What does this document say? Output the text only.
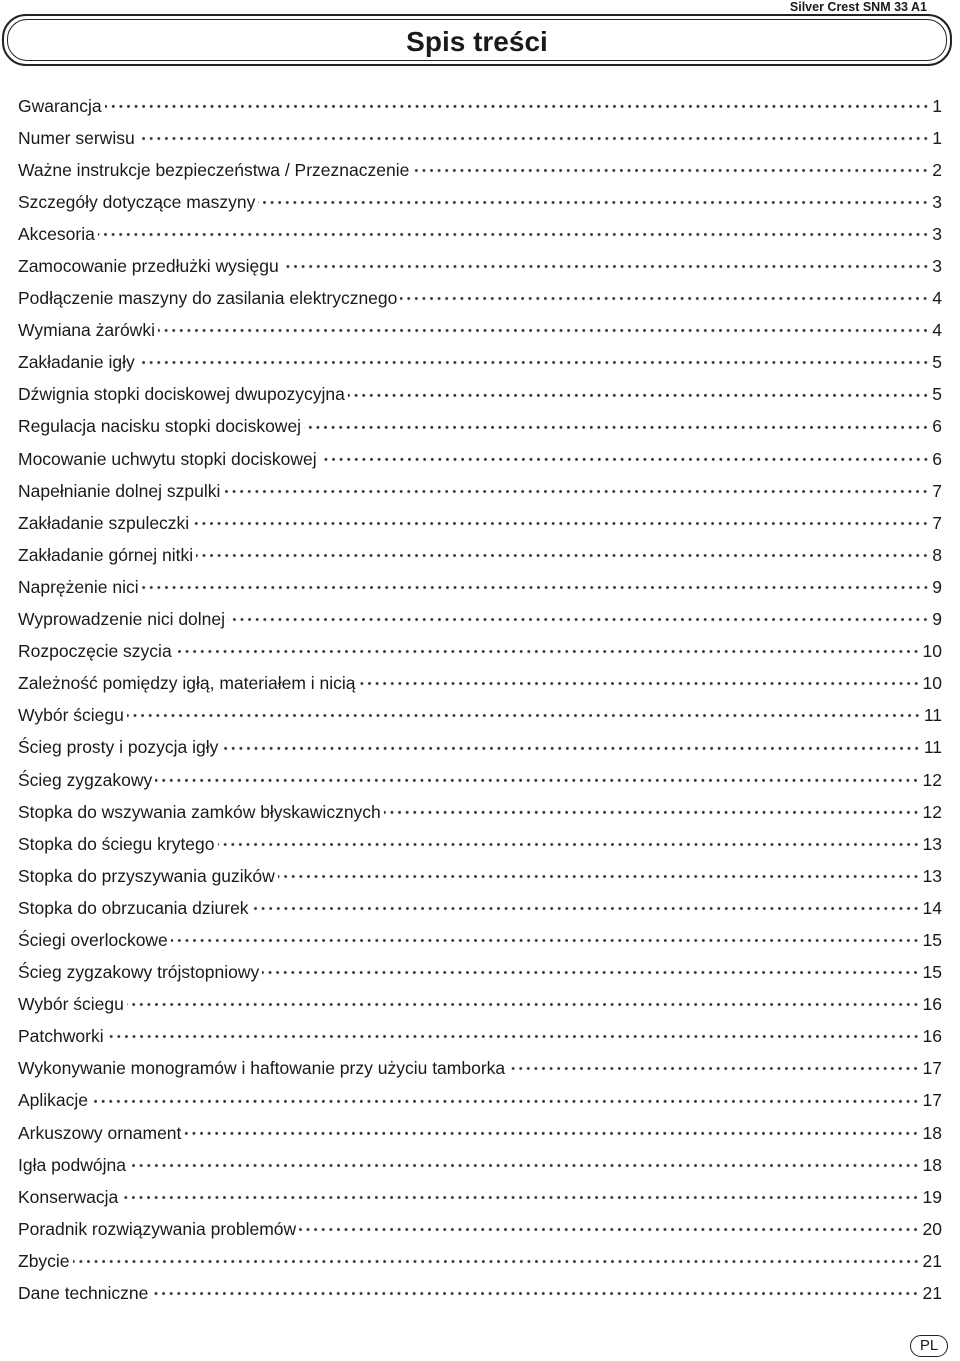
Silver Crest SNM 33 A1
Spis treści
Gwarancja	1
Numer serwisu	1
Ważne instrukcje bezpieczeństwa / Przeznaczenie	2
Szczegóły dotyczące maszyny	3
Akcesoria	3
Zamocowanie przedłużki wysięgu	3
Podłączenie maszyny do zasilania elektrycznego	4
Wymiana żarówki	4
Zakładanie igły	5
Dźwignia stopki dociskowej dwupozycyjna	5
Regulacja nacisku stopki dociskowej	6
Mocowanie uchwytu stopki dociskowej	6
Napełnianie dolnej szpulki	7
Zakładanie szpuleczki	7
Zakładanie górnej nitki	8
Naprężenie nici	9
Wyprowadzenie nici dolnej	9
Rozpoczęcie szycia	10
Zależność pomiędzy igłą, materiałem i nicią	10
Wybór ściegu	11
Ścieg prosty i pozycja igły	11
Ścieg zygzakowy	12
Stopka do wszywania zamków błyskawicznych	12
Stopka do ściegu krytego	13
Stopka do przyszywania guzików	13
Stopka do obrzucania dziurek	14
Ściegi overlockowe	15
Ścieg zygzakowy trójstopniowy	15
Wybór ściegu	16
Patchworki	16
Wykonywanie monogramów i haftowanie przy użyciu tamborka	17
Aplikacje	17
Arkuszowy ornament	18
Igła podwójna	18
Konserwacja	19
Poradnik rozwiązywania problemów	20
Zbycie	21
Dane techniczne	21
PL
